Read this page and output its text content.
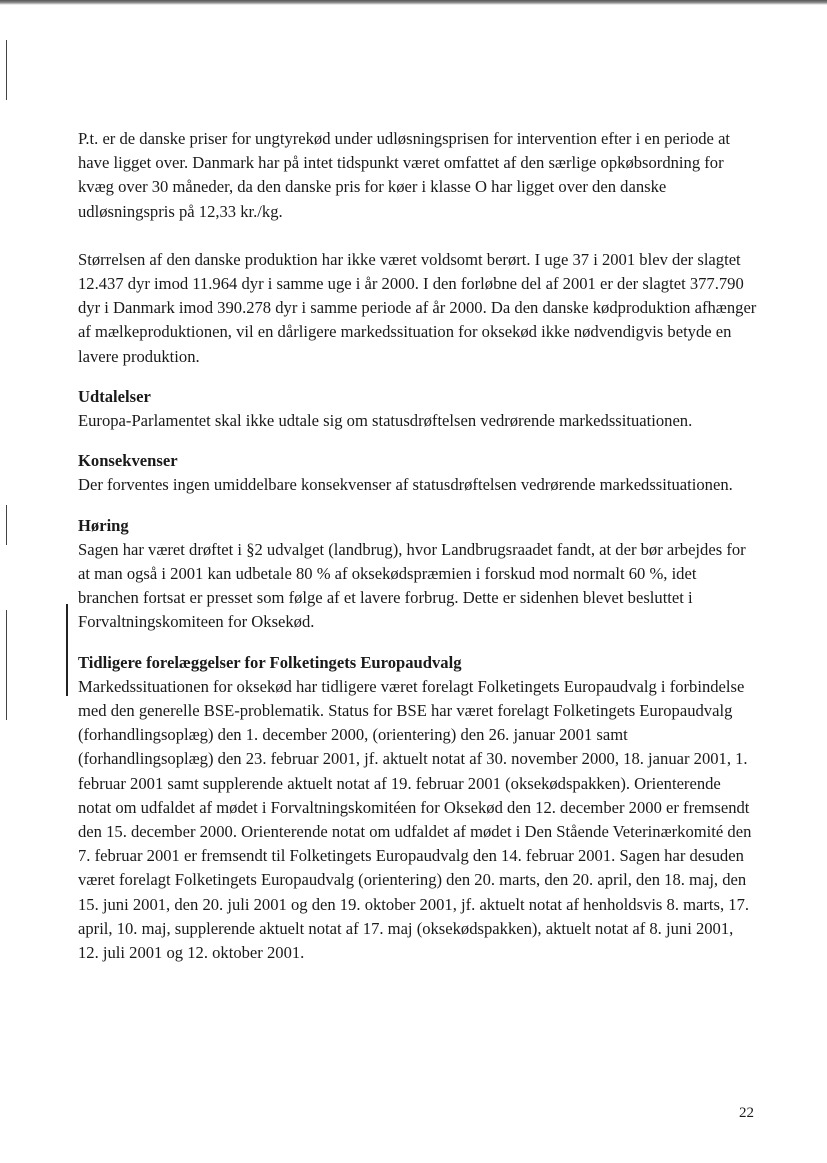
P.t. er de danske priser for ungtyrekød under udløsningsprisen for intervention efter i en periode at have ligget over. Danmark har på intet tidspunkt været omfattet af den særlige opkøbsordning for kvæg over 30 måneder, da den danske pris for køer i klasse O har ligget over den danske udløsningspris på 12,33 kr./kg.

Størrelsen af den danske produktion har ikke været voldsomt berørt. I uge 37 i 2001 blev der slagtet 12.437 dyr imod 11.964 dyr i samme uge i år 2000. I den forløbne del af 2001 er der slagtet 377.790 dyr i Danmark imod 390.278 dyr i samme periode af år 2000. Da den danske kødproduktion afhænger af mælkeproduktionen, vil en dårligere markedssituation for oksekød ikke nødvendigvis betyde en lavere produktion.

Udtalelser

Europa-Parlamentet skal ikke udtale sig om statusdrøftelsen vedrørende markedssituationen.

Konsekvenser

Der forventes ingen umiddelbare konsekvenser af statusdrøftelsen vedrørende markedssituationen.

Høring

Sagen har været drøftet i §2 udvalget (landbrug), hvor Landbrugsraadet fandt, at der bør arbejdes for at man også i 2001 kan udbetale 80 % af oksekødspræmien i forskud mod normalt 60 %, idet branchen fortsat er presset som følge af et lavere forbrug. Dette er sidenhen blevet besluttet i Forvaltningskomiteen for Oksekød.

Tidligere forelæggelser for Folketingets Europaudvalg

Markedssituationen for oksekød har tidligere været forelagt Folketingets Europaudvalg i forbindelse med den generelle BSE-problematik. Status for BSE har været forelagt Folketingets Europaudvalg (forhandlingsoplæg) den 1. december 2000, (orientering) den 26. januar 2001 samt (forhandlingsoplæg) den 23. februar 2001, jf. aktuelt notat af 30. november 2000, 18. januar 2001, 1. februar 2001 samt supplerende aktuelt notat af 19. februar 2001 (oksekødspakken). Orienterende notat om udfaldet af mødet i Forvaltningskomitéen for Oksekød den 12. december 2000 er fremsendt den 15. december 2000. Orienterende notat om udfaldet af mødet i Den Stående Veterinærkomité den 7. februar 2001 er fremsendt til Folketingets Europaudvalg den 14. februar 2001. Sagen har desuden været forelagt Folketingets Europaudvalg (orientering) den 20. marts, den 20. april, den 18. maj, den 15. juni 2001, den 20. juli 2001 og den 19. oktober 2001, jf. aktuelt notat af henholdsvis 8. marts, 17. april, 10. maj, supplerende aktuelt notat af 17. maj (oksekødspakken), aktuelt notat af 8. juni 2001, 12. juli 2001 og 12. oktober 2001.

22
